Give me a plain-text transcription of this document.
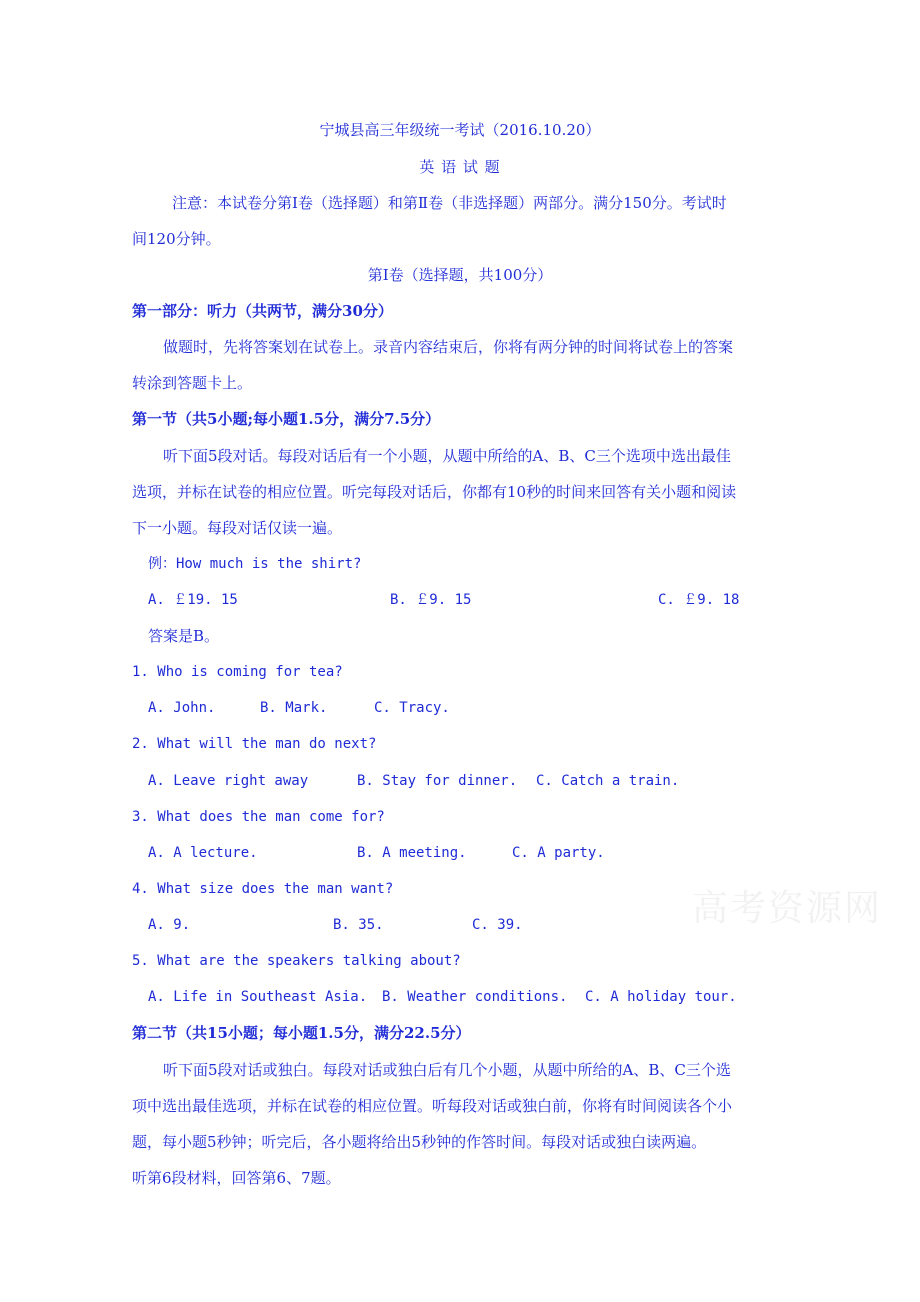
宁城县高三年级统一考试（2016.10.20）
英 语 试 题
注意：本试卷分第Ⅰ卷（选择题）和第Ⅱ卷（非选择题）两部分。满分150分。考试时
间120分钟。
第Ⅰ卷（选择题，共100分）
第一部分：听力（共两节，满分30分）
做题时，先将答案划在试卷上。录音内容结束后，你将有两分钟的时间将试卷上的答案
转涂到答题卡上。
第一节（共5小题;每小题1.5分，满分7.5分）
听下面5段对话。每段对话后有一个小题，从题中所给的A、B、C三个选项中选出最佳
选项，并标在试卷的相应位置。听完每段对话后，你都有10秒的时间来回答有关小题和阅读
下一小题。每段对话仅读一遍。
例：How much is the shirt?
A. ￡19. 15	B. ￡9. 15	C. ￡9. 18
答案是B。
1. Who is coming for tea?
A. John.	B. Mark.	C. Tracy.
2. What will the man do next?
A. Leave right away	B. Stay for dinner. C. Catch a train.
3. What does the man come for?
A. A lecture.	B. A meeting.	C. A party.
4. What size does the man want?
A. 9.	B. 35.	C. 39.	高考资源网
5. What are the speakers talking about?
A. Life in Southeast Asia. B. Weather conditions. C. A holiday tour.
第二节（共15小题；每小题1.5分，满分22.5分）
听下面5段对话或独白。每段对话或独白后有几个小题，从题中所给的A、B、C三个选
项中选出最佳选项，并标在试卷的相应位置。听每段对话或独白前，你将有时间阅读各个小
题，每小题5秒钟；听完后，各小题将给出5秒钟的作答时间。每段对话或独白读两遍。
听第6段材料，回答第6、7题。
